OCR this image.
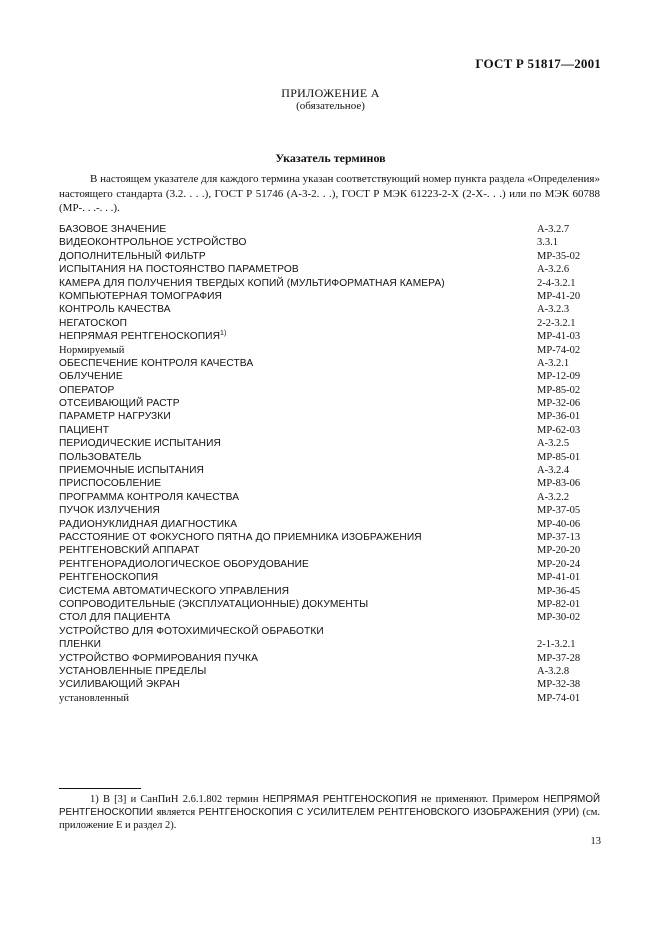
ГОСТ Р 51817—2001
ПРИЛОЖЕНИЕ А
(обязательное)
Указатель терминов
В настоящем указателе для каждого термина указан соответствующий номер пункта раздела «Определения» настоящего стандарта (3.2. . . .), ГОСТ Р 51746 (А-3-2. . .), ГОСТ Р МЭК 61223-2-Х (2-Х-. . .) или по МЭК 60788 (МР-. . .-. . .).
БАЗОВОЕ ЗНАЧЕНИЕ	А-3.2.7
ВИДЕОКОНТРОЛЬНОЕ УСТРОЙСТВО	3.3.1
ДОПОЛНИТЕЛЬНЫЙ ФИЛЬТР	МР-35-02
ИСПЫТАНИЯ НА ПОСТОЯНСТВО ПАРАМЕТРОВ	А-3.2.6
КАМЕРА ДЛЯ ПОЛУЧЕНИЯ ТВЕРДЫХ КОПИЙ (МУЛЬТИФОРМАТНАЯ КАМЕРА)	2-4-3.2.1
КОМПЬЮТЕРНАЯ ТОМОГРАФИЯ	МР-41-20
КОНТРОЛЬ КАЧЕСТВА	А-3.2.3
НЕГАТОСКОП	2-2-3.2.1
НЕПРЯМАЯ РЕНТГЕНОСКОПИЯ$^{1)}$	МР-41-03
Нормируемый	МР-74-02
ОБЕСПЕЧЕНИЕ КОНТРОЛЯ КАЧЕСТВА	А-3.2.1
ОБЛУЧЕНИЕ	МР-12-09
ОПЕРАТОР	МР-85-02
ОТСЕИВАЮЩИЙ РАСТР	МР-32-06
ПАРАМЕТР НАГРУЗКИ	МР-36-01
ПАЦИЕНТ	МР-62-03
ПЕРИОДИЧЕСКИЕ ИСПЫТАНИЯ	А-3.2.5
ПОЛЬЗОВАТЕЛЬ	МР-85-01
ПРИЕМОЧНЫЕ ИСПЫТАНИЯ	А-3.2.4
ПРИСПОСОБЛЕНИЕ	МР-83-06
ПРОГРАММА КОНТРОЛЯ КАЧЕСТВА	А-3.2.2
ПУЧОК ИЗЛУЧЕНИЯ	МР-37-05
РАДИОНУКЛИДНАЯ ДИАГНОСТИКА	МР-40-06
РАССТОЯНИЕ ОТ ФОКУСНОГО ПЯТНА ДО ПРИЕМНИКА ИЗОБРАЖЕНИЯ	МР-37-13
РЕНТГЕНОВСКИЙ АППАРАТ	МР-20-20
РЕНТГЕНОРАДИОЛОГИЧЕСКОЕ ОБОРУДОВАНИЕ	МР-20-24
РЕНТГЕНОСКОПИЯ	МР-41-01
СИСТЕМА АВТОМАТИЧЕСКОГО УПРАВЛЕНИЯ	МР-36-45
СОПРОВОДИТЕЛЬНЫЕ (ЭКСПЛУАТАЦИОННЫЕ) ДОКУМЕНТЫ	МР-82-01
СТОЛ ДЛЯ ПАЦИЕНТА	МР-30-02
УСТРОЙСТВО ДЛЯ ФОТОХИМИЧЕСКОЙ ОБРАБОТКИ
ПЛЕНКИ	2-1-3.2.1
УСТРОЙСТВО ФОРМИРОВАНИЯ ПУЧКА	МР-37-28
УСТАНОВЛЕННЫЕ ПРЕДЕЛЫ	А-3.2.8
УСИЛИВАЮЩИЙ ЭКРАН	МР-32-38
установленный	МР-74-01
1) В [3] и СанПиН 2.6.1.802 термин НЕПРЯМАЯ РЕНТГЕНОСКОПИЯ не применяют. Примером НЕПРЯМОЙ РЕНТГЕНОСКОПИИ является РЕНТГЕНОСКОПИЯ С УСИЛИТЕЛЕМ РЕНТГЕНОВСКОГО ИЗОБРАЖЕНИЯ (УРИ) (см. приложение Е и раздел 2).
13
